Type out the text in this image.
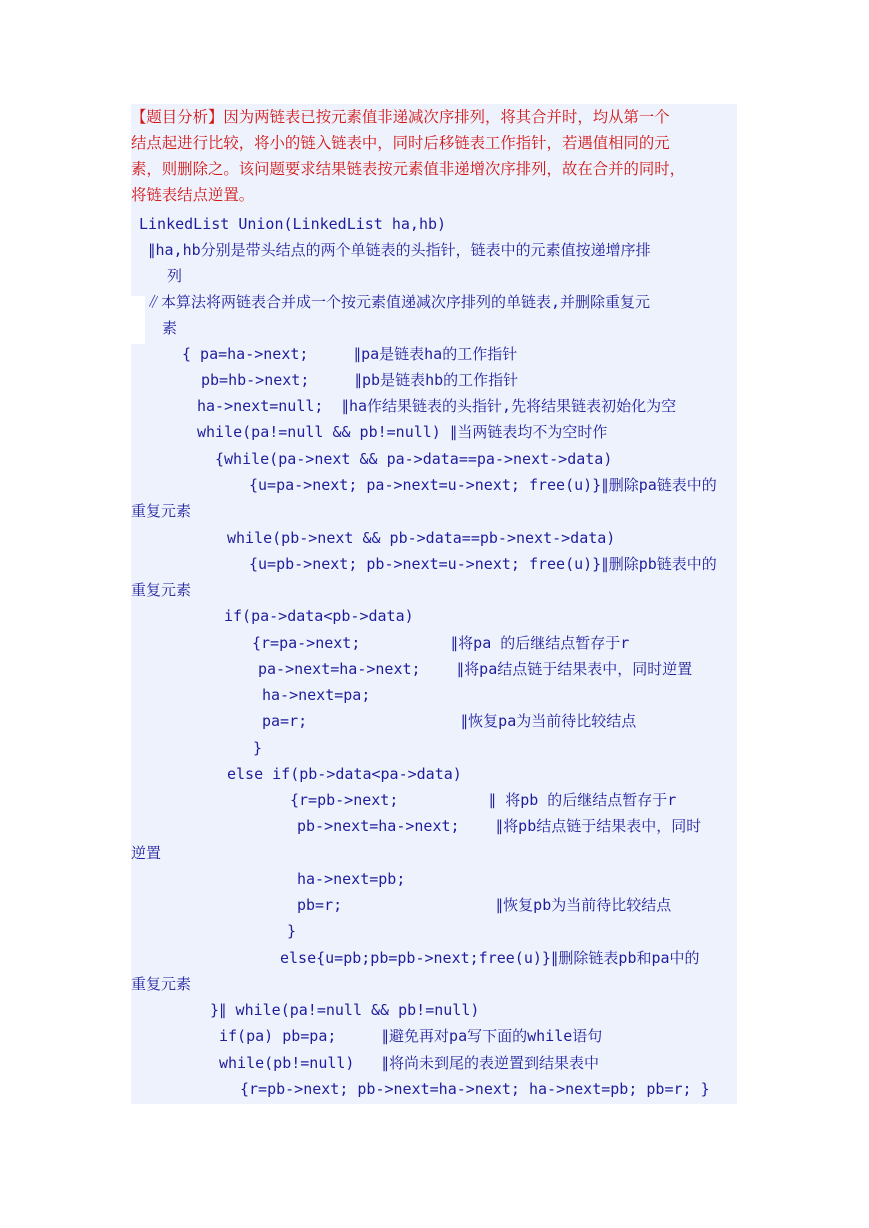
【题目分析】因为两链表已按元素值非递减次序排列，将其合并时，均从第一个
结点起进行比较，将小的链入链表中，同时后移链表工作指针，若遇值相同的元
素，则删除之。该问题要求结果链表按元素值非递增次序排列，故在合并的同时，
将链表结点逆置。
LinkedList Union(LinkedList ha,hb)
∥ha,hb分别是带头结点的两个单链表的头指针，链表中的元素值按递增序排
列
∥本算法将两链表合并成一个按元素值递减次序排列的单链表,并删除重复元
素
{ pa=ha->next;     ∥pa是链表ha的工作指针
pb=hb->next;     ∥pb是链表hb的工作指针
ha->next=null;  ∥ha作结果链表的头指针,先将结果链表初始化为空
while(pa!=null && pb!=null) ∥当两链表均不为空时作
{while(pa->next && pa->data==pa->next->data)
{u=pa->next; pa->next=u->next; free(u)}∥删除pa链表中的
重复元素
while(pb->next && pb->data==pb->next->data)
{u=pb->next; pb->next=u->next; free(u)}∥删除pb链表中的
重复元素
if(pa->data<pb->data)
{r=pa->next;          ∥将pa 的后继结点暂存于r
pa->next=ha->next;    ∥将pa结点链于结果表中，同时逆置
ha->next=pa;
pa=r;                 ∥恢复pa为当前待比较结点
}
else if(pb->data<pa->data)
{r=pb->next;          ∥ 将pb 的后继结点暂存于r
pb->next=ha->next;    ∥将pb结点链于结果表中，同时
逆置
ha->next=pb;
pb=r;                 ∥恢复pb为当前待比较结点
}
else{u=pb;pb=pb->next;free(u)}∥删除链表pb和pa中的
重复元素
}∥ while(pa!=null && pb!=null)
if(pa) pb=pa;     ∥避免再对pa写下面的while语句
while(pb!=null)   ∥将尚未到尾的表逆置到结果表中
{r=pb->next; pb->next=ha->next; ha->next=pb; pb=r; }
